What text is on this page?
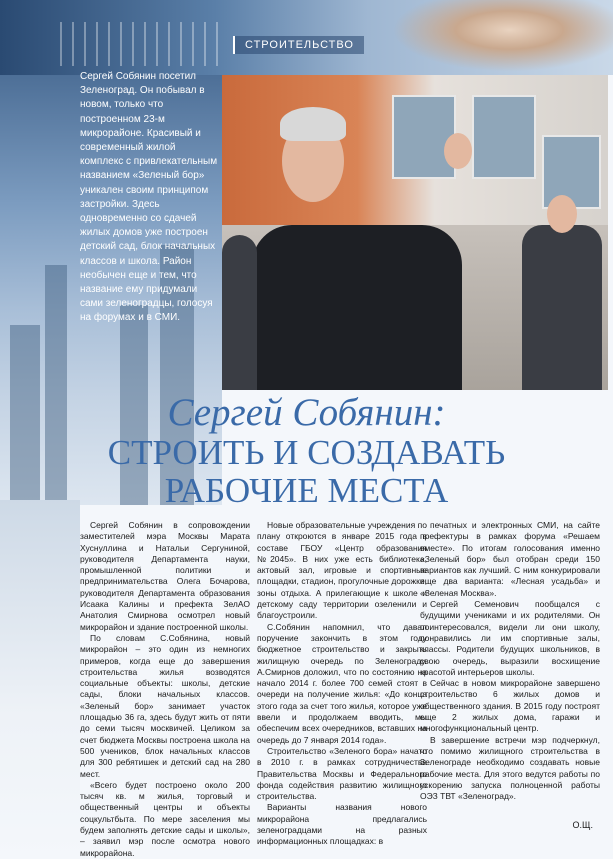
СТРОИТЕЛЬСТВО
Сергей Собянин посетил Зеленоград. Он побывал в новом, только что построенном 23-м микрорайоне. Красивый и современный жилой комплекс с привлекательным названием «Зеленый бор» уникален своим принципом застройки. Здесь одновременно со сдачей жилых домов уже построен детский сад, блок начальных классов и школа. Район необычен еще и тем, что название ему придумали сами зеленоградцы, голосуя на форумах и в СМИ.
Сергей Собянин:
СТРОИТЬ И СОЗДАВАТЬ
РАБОЧИЕ МЕСТА

Сергей Собянин в сопровождении заместителей мэра Москвы Марата Хуснуллина и Натальи Сергуниной, руководителя Департамента науки, промышленной политики и предпринимательства Олега Бочарова, руководителя Департамента образования Исаака Калины и префекта ЗелАО Анатолия Смирнова осмотрел новый микрорайон и здание построенной школы.

По словам С.Собянина, новый микрорайон – это один из немногих примеров, когда еще до завершения строительства жилья возводятся социальные объекты: школы, детские сады, блоки начальных классов. «Зеленый бор» занимает участок площадью 36 га, здесь будут жить от пяти до семи тысяч москвичей. Целиком за счет бюджета Москвы построена школа на 500 учеников, блок начальных классов для 300 ребятишек и детский сад на 280 мест.

«Всего будет построено около 200 тысяч кв. м жилья, торговый и общественный центры и объекты соцкультбыта. По мере заселения мы будем заполнять детские сады и школы», – заявил мэр после осмотра нового микрорайона.

Новые образовательные учреждения по плану откроются в январе 2015 года в составе ГБОУ «Центр образования №2045». В них уже есть библиотека, актовый зал, игровые и спортивные площадки, стадион, прогулочные дорожки, зоны отдыха. А прилегающие к школе и детскому саду территории озеленили и благоустроили.

С.Собянин напомнил, что давал поручение закончить в этом году бюджетное строительство и закрыть жилищную очередь по Зеленограду. А.Смирнов доложил, что по состоянию на начало 2014 г. более 700 семей стоят в очереди на получение жилья: «До конца этого года за счет того жилья, которое уже ввели и продолжаем вводить, мы обеспечим всех очередников, вставших на очередь до 7 января 2014 года».

Строительство «Зеленого бора» начато в 2010 г. в рамках сотрудничества Правительства Москвы и Федерального фонда содействия развитию жилищного строительства.

Варианты названия нового микрорайона предлагались зеленоградцами на разных информационных площадках: в

печатных и электронных СМИ, на сайте префектуры в рамках форума «Решаем вместе». По итогам голосования именно «Зеленый бор» был отобран среди 150 вариантов как лучший. С ним конкурировали еще два варианта: «Лесная усадьба» и «Зеленая Москва».

Сергей Семенович пообщался с будущими учениками и их родителями. Он поинтересовался, видели ли они школу, понравились ли им спортивные залы, классы. Родители будущих школьников, в свою очередь, выразили восхищение красотой интерьеров школы.

Сейчас в новом микрорайоне завершено строительство 6 жилых домов и общественного здания. В 2015 году построят еще 2 жилых дома, гаражи и многофункциональный центр.

В завершение встречи мэр подчеркнул, что помимо жилищного строительства в Зеленограде необходимо создавать новые рабочие места. Для этого ведутся работы по ускорению запуска полноценной работы ОЭЗ ТВТ «Зеленоград».

О.Щ.
